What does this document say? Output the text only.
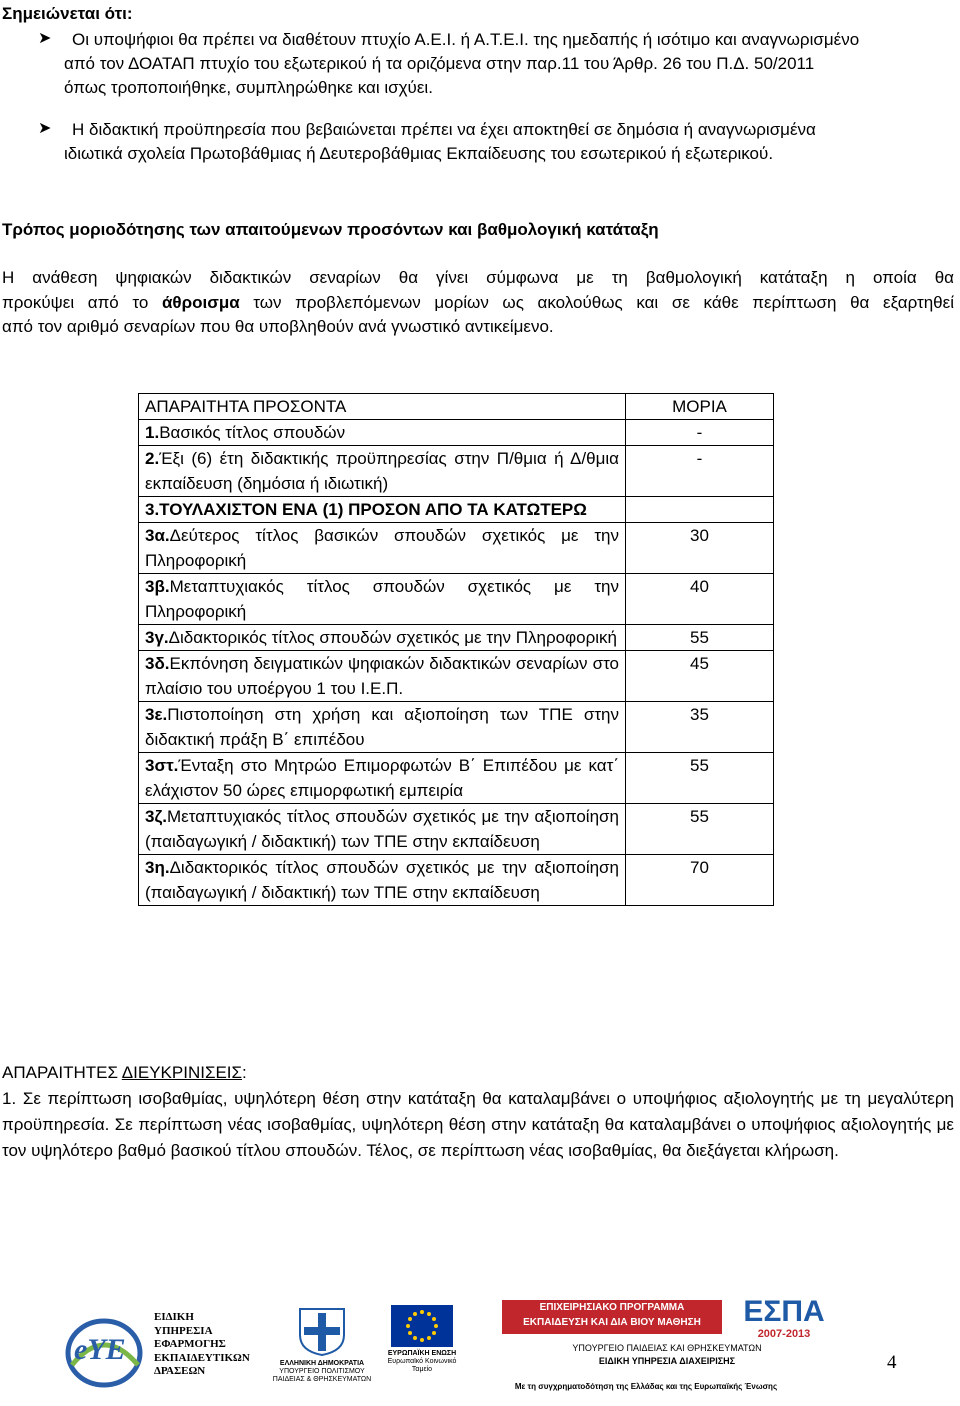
Σημειώνεται ότι:
➤ Οι υποψήφιοι θα πρέπει να διαθέτουν πτυχίο Α.Ε.Ι. ή Α.Τ.Ε.Ι. της ημεδαπής ή ισότιμο και αναγνωρισμένο
από τον ΔΟΑΤΑΠ πτυχίο του εξωτερικού ή τα οριζόμενα στην παρ.11 του Άρθρ. 26 του Π.Δ. 50/2011
όπως τροποποιήθηκε, συμπληρώθηκε και ισχύει.
➤ Η διδακτική προϋπηρεσία που βεβαιώνεται πρέπει να έχει αποκτηθεί σε δημόσια ή αναγνωρισμένα
ιδιωτικά σχολεία Πρωτοβάθμιας ή Δευτεροβάθμιας Εκπαίδευσης του εσωτερικού ή εξωτερικού.
Τρόπος μοριοδότησης των απαιτούμενων προσόντων και βαθμολογική κατάταξη
Η ανάθεση ψηφιακών διδακτικών σεναρίων θα γίνει σύμφωνα με τη βαθμολογική κατάταξη η οποία θα
προκύψει από το άθροισμα των προβλεπόμενων μορίων ως ακολούθως και σε κάθε περίπτωση θα εξαρτηθεί
από τον αριθμό σεναρίων που θα υποβληθούν ανά γνωστικό αντικείμενο.
ΑΠΑΡΑΙΤΗΤΑ ΠΡΟΣΟΝΤΑ	ΜΟΡΙΑ
1.Βασικός τίτλος σπουδών	-
2.Έξι (6) έτη διδακτικής προϋπηρεσίας στην Π/θμια ή Δ/θμια εκπαίδευση (δημόσια ή ιδιωτική)	-
3.ΤΟΥΛΑΧΙΣΤΟΝ ΕΝΑ (1) ΠΡΟΣΟΝ ΑΠΟ ΤΑ ΚΑΤΩΤΕΡΩ	
3α.Δεύτερος τίτλος βασικών σπουδών σχετικός με την Πληροφορική	30
3β.Μεταπτυχιακός τίτλος σπουδών σχετικός με την Πληροφορική	40
3γ.Διδακτορικός τίτλος σπουδών σχετικός με την Πληροφορική	55
3δ.Εκπόνηση δειγματικών ψηφιακών διδακτικών σεναρίων στο πλαίσιο του υποέργου 1 του Ι.Ε.Π.	45
3ε.Πιστοποίηση στη χρήση και αξιοποίηση των ΤΠΕ στην διδακτική πράξη Β΄ επιπέδου	35
3στ.Ένταξη στο Μητρώο Επιμορφωτών Β΄ Επιπέδου με κατ΄ ελάχιστον 50 ώρες επιμορφωτική εμπειρία	55
3ζ.Μεταπτυχιακός τίτλος σπουδών σχετικός με την αξιοποίηση (παιδαγωγική / διδακτική) των ΤΠΕ στην εκπαίδευση	55
3η.Διδακτορικός τίτλος σπουδών σχετικός με την αξιοποίηση (παιδαγωγική / διδακτική) των ΤΠΕ στην εκπαίδευση	70
ΑΠΑΡΑΙΤΗΤΕΣ ΔΙΕΥΚΡΙΝΙΣΕΙΣ:
1. Σε περίπτωση ισοβαθμίας, υψηλότερη θέση στην κατάταξη θα καταλαμβάνει ο υποψήφιος αξιολογητής με τη μεγαλύτερη προϋπηρεσία. Σε περίπτωση νέας ισοβαθμίας, υψηλότερη θέση στην κατάταξη θα καταλαμβάνει ο υποψήφιος αξιολογητής με τον υψηλότερο βαθμό βασικού τίτλου σπουδών. Τέλος, σε περίπτωση νέας ισοβαθμίας, θα διεξάγεται κλήρωση.
eYE
ΕΙΔΙΚΗ
ΥΠΗΡΕΣΙΑ
ΕΦΑΡΜΟΓΗΣ
ΕΚΠΑΙΔΕΥΤΙΚΩΝ
ΔΡΑΣΕΩΝ
ΕΛΛΗΝΙΚΗ ΔΗΜΟΚΡΑΤΙΑ
ΥΠΟΥΡΓΕΙΟ ΠΟΛΙΤΙΣΜΟΥ
ΠΑΙΔΕΙΑΣ & ΘΡΗΣΚΕΥΜΑΤΩΝ
ΕΥΡΩΠΑΪΚΗ ΕΝΩΣΗ
Ευρωπαϊκό Κοινωνικό Ταμείο
ΕΠΙΧΕΙΡΗΣΙΑΚΟ ΠΡΟΓΡΑΜΜΑ
ΕΚΠΑΙΔΕΥΣΗ ΚΑΙ ΔΙΑ ΒΙΟΥ ΜΑΘΗΣΗ	ΕΣΠΑ
2007-2013
ΥΠΟΥΡΓΕΙΟ ΠΑΙΔΕΙΑΣ ΚΑΙ ΘΡΗΣΚΕΥΜΑΤΩΝ
ΕΙΔΙΚΗ ΥΠΗΡΕΣΙΑ ΔΙΑΧΕΙΡΙΣΗΣ
Με τη συγχρηματοδότηση της Ελλάδας και της Ευρωπαϊκής Ένωσης
4
